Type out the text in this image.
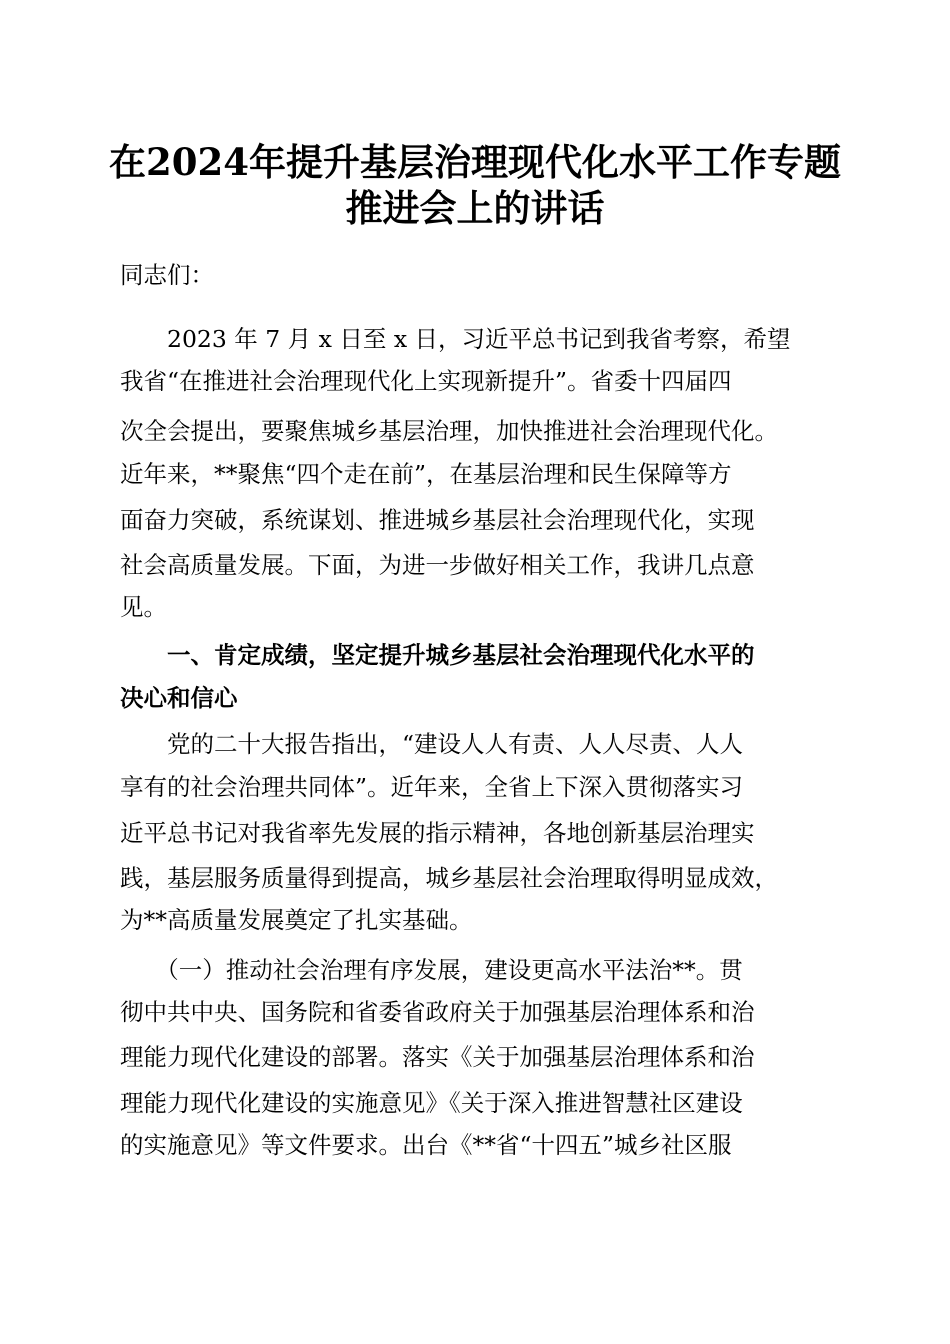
在2024年提升基层治理现代化水平工作专题
推进会上的讲话

同志们：

　　2023 年 7 月 x 日至 x 日，习近平总书记到我省考察，希望

我省“在推进社会治理现代化上实现新提升”。省委十四届四

次全会提出，要聚焦城乡基层治理，加快推进社会治理现代化。

近年来，**聚焦“四个走在前”，在基层治理和民生保障等方

面奋力突破，系统谋划、推进城乡基层社会治理现代化，实现

社会高质量发展。下面，为进一步做好相关工作，我讲几点意

见。

　　一、肯定成绩，坚定提升城乡基层社会治理现代化水平的

决心和信心

　　党的二十大报告指出，“建设人人有责、人人尽责、人人

享有的社会治理共同体”。近年来，全省上下深入贯彻落实习

近平总书记对我省率先发展的指示精神，各地创新基层治理实

践，基层服务质量得到提高，城乡基层社会治理取得明显成效，

为**高质量发展奠定了扎实基础。

　　（一）推动社会治理有序发展，建设更高水平法治**。贯

彻中共中央、国务院和省委省政府关于加强基层治理体系和治

理能力现代化建设的部署。落实《关于加强基层治理体系和治

理能力现代化建设的实施意见》《关于深入推进智慧社区建设

的实施意见》等文件要求。出台《**省“十四五”城乡社区服
